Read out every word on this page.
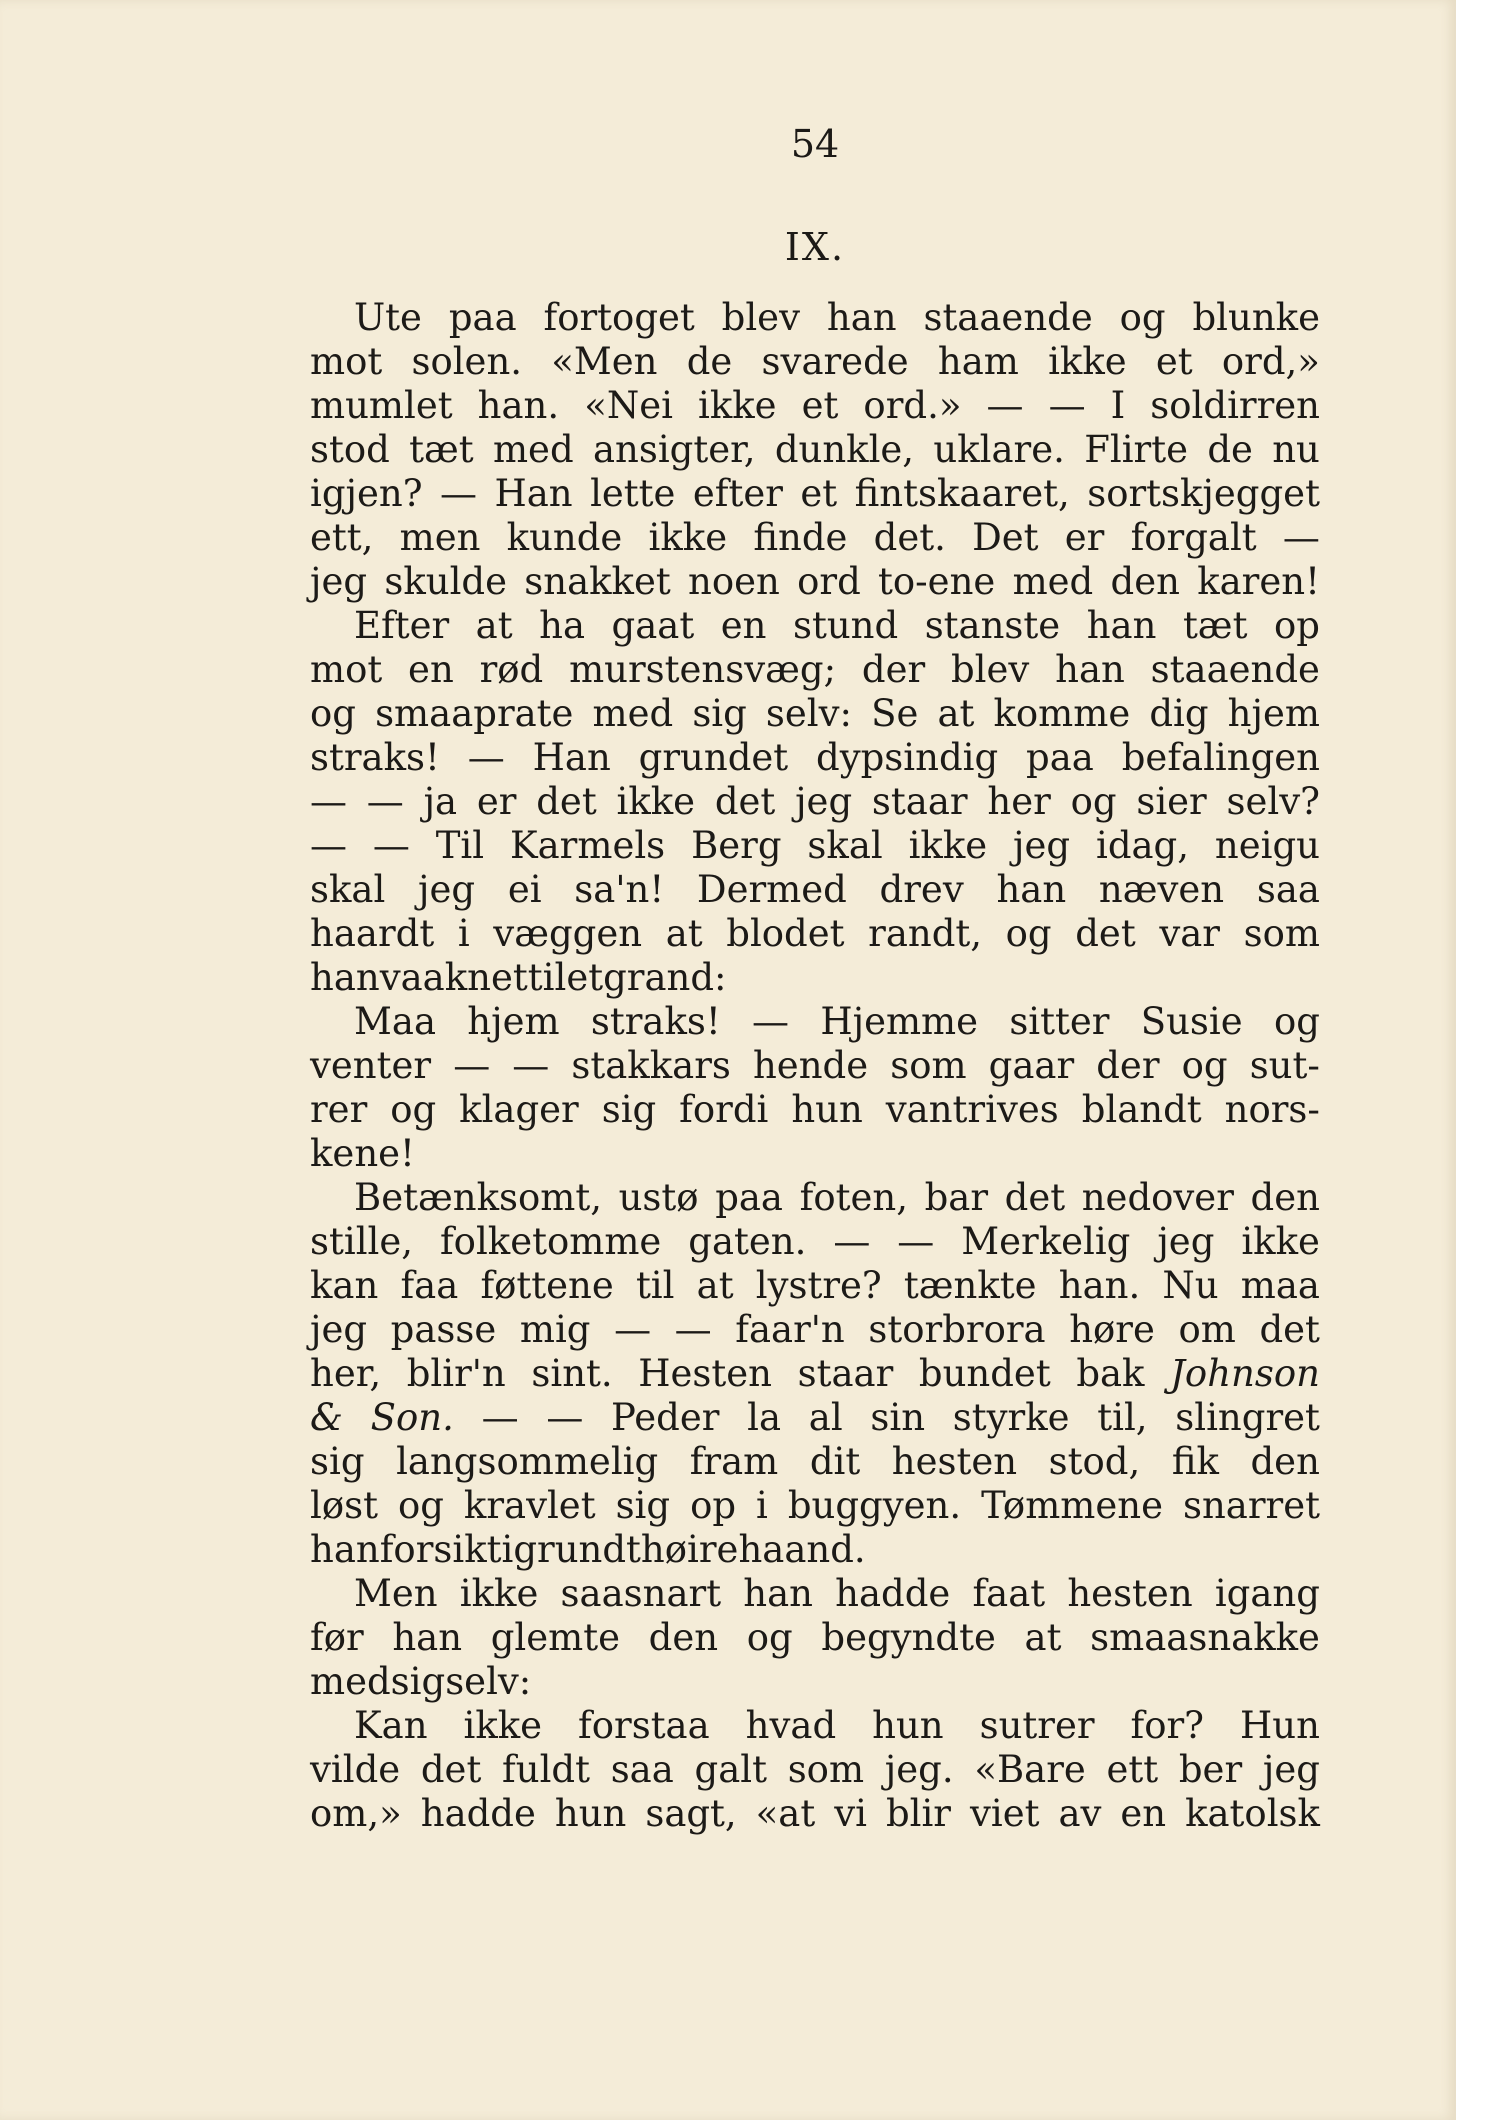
54
IX.
Ute paa fortoget blev han staaende og blunke
mot solen. «Men de svarede ham ikke et ord,»
mumlet han. «Nei ikke et ord.» — — I soldirren
stod tæt med ansigter, dunkle, uklare. Flirte de nu
igjen? — Han lette efter et fintskaaret, sortskjegget
ett, men kunde ikke finde det. Det er forgalt —
jeg skulde snakket noen ord to-ene med den karen!
Efter at ha gaat en stund stanste han tæt op
mot en rød murstensvæg; der blev han staaende
og smaaprate med sig selv: Se at komme dig hjem
straks! — Han grundet dypsindig paa befalingen
— — ja er det ikke det jeg staar her og sier selv?
— — Til Karmels Berg skal ikke jeg idag, neigu
skal jeg ei sa'n! Dermed drev han næven saa
haardt i væggen at blodet randt, og det var som
han vaaknet til et grand:
Maa hjem straks! — Hjemme sitter Susie og
venter — — stakkars hende som gaar der og sut-
rer og klager sig fordi hun vantrives blandt nors-
kene!
Betænksomt, ustø paa foten, bar det nedover den
stille, folketomme gaten. — — Merkelig jeg ikke
kan faa føttene til at lystre? tænkte han. Nu maa
jeg passe mig — — faar'n storbrora høre om det
her, blir'n sint. Hesten staar bundet bak Johnson
& Son. — — Peder la al sin styrke til, slingret
sig langsommelig fram dit hesten stod, fik den
løst og kravlet sig op i buggyen. Tømmene snarret
han forsiktig rundt høire haand.
Men ikke saasnart han hadde faat hesten igang
før han glemte den og begyndte at smaasnakke
med sig selv:
Kan ikke forstaa hvad hun sutrer for? Hun
vilde det fuldt saa galt som jeg. «Bare ett ber jeg
om,» hadde hun sagt, «at vi blir viet av en katolsk
